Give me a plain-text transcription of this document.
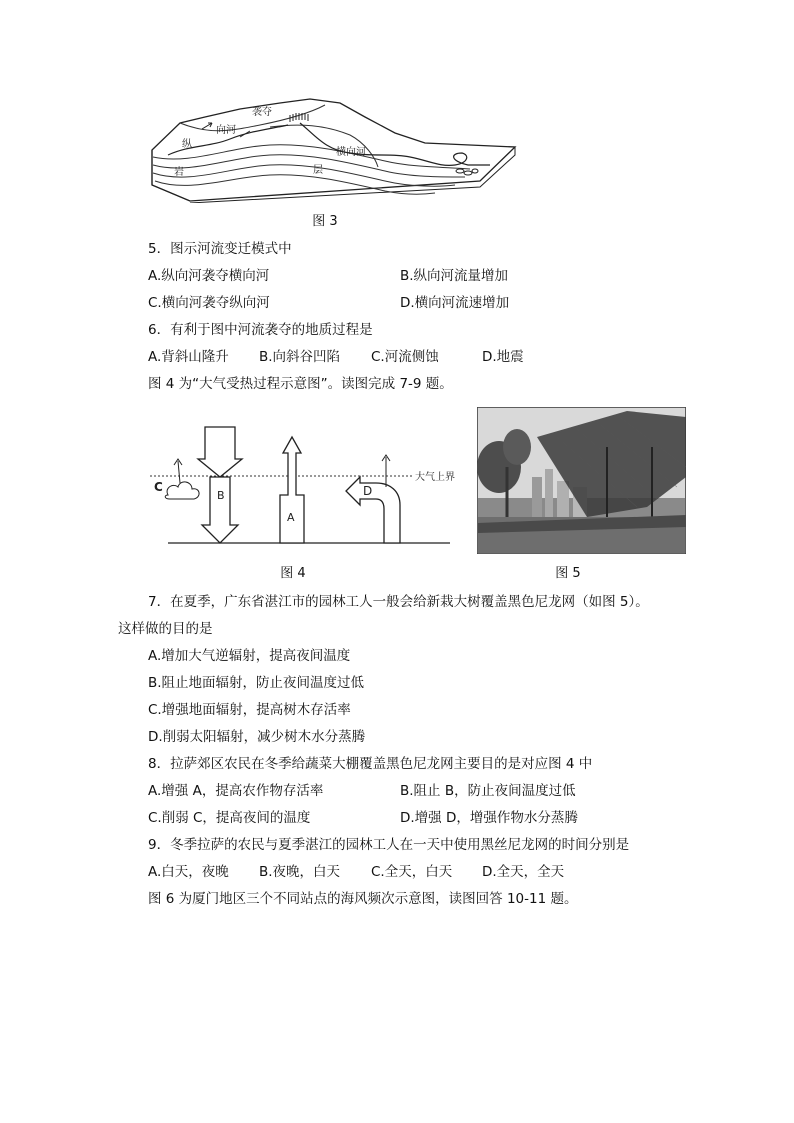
袭夺
向河
纵
横向河
岩	层
图 3
5．图示河流变迁模式中
A.纵向河袭夺横向河	B.纵向河流量增加
C.横向河袭夺纵向河	D.横向河流速增加
6．有利于图中河流袭夺的地质过程是
A.背斜山隆升 B.向斜谷凹陷 C.河流侧蚀	D.地震
图 4 为“大气受热过程示意图”。读图完成 7-9 题。
大气上界
B
C
A
D
图 4	图 5
7．在夏季，广东省湛江市的园林工人一般会给新栽大树覆盖黑色尼龙网（如图 5）。
这样做的目的是
A.增加大气逆辐射，提高夜间温度
B.阻止地面辐射，防止夜间温度过低
C.增强地面辐射，提高树木存活率
D.削弱太阳辐射，减少树木水分蒸腾
8．拉萨郊区农民在冬季给蔬菜大棚覆盖黑色尼龙网主要目的是对应图 4 中
A.增强 A，提高农作物存活率	B.阻止 B，防止夜间温度过低
C.削弱 C，提高夜间的温度	D.增强 D，增强作物水分蒸腾
9．冬季拉萨的农民与夏季湛江的园林工人在一天中使用黑丝尼龙网的时间分别是
A.白天，夜晚 B.夜晚，白天 C.全天，白天 D.全天，全天
图 6 为厦门地区三个不同站点的海风频次示意图，读图回答 10-11 题。
